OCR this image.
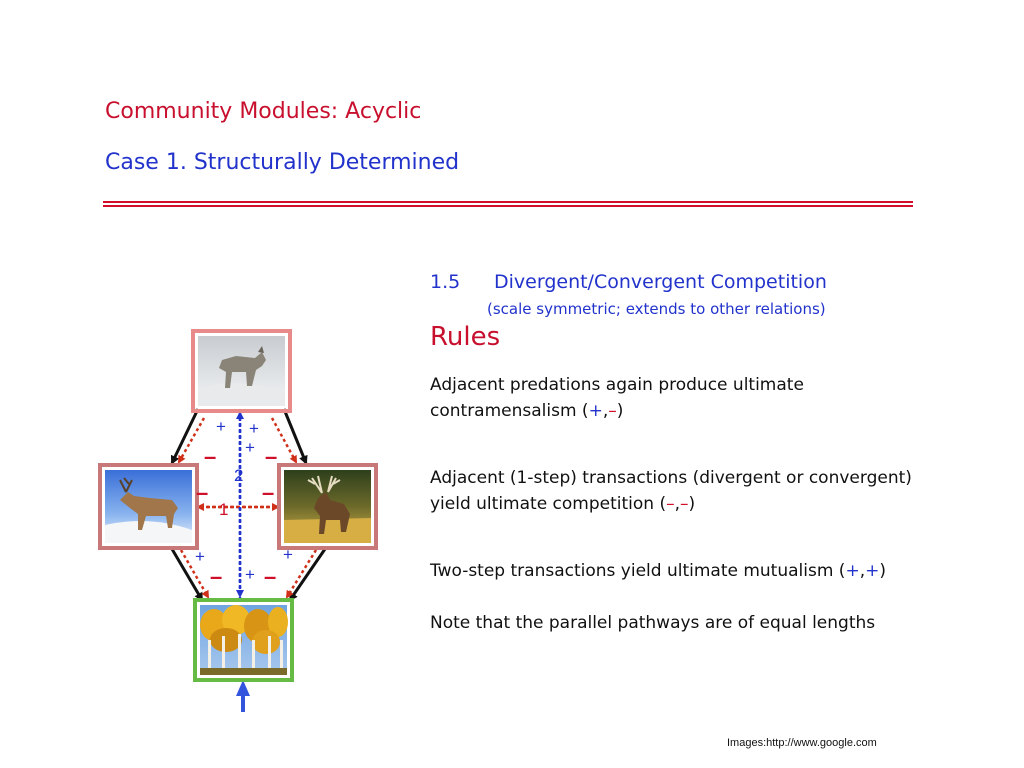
Community Modules: Acyclic
Case 1. Structurally Determined
1.5 Divergent/Convergent Competition
(scale symmetric; extends to other relations)
Rules
Adjacent predations again produce ultimate
contramensalism (+,–)
Adjacent (1-step) transactions (divergent or convergent)
yield ultimate competition (–,–)
Two-step transactions yield ultimate mutualism (+,+)
Note that the parallel pathways are of equal lengths
Images:http://www.google.com
+ +
+
– –
2
– –
1
+	+
– + –
